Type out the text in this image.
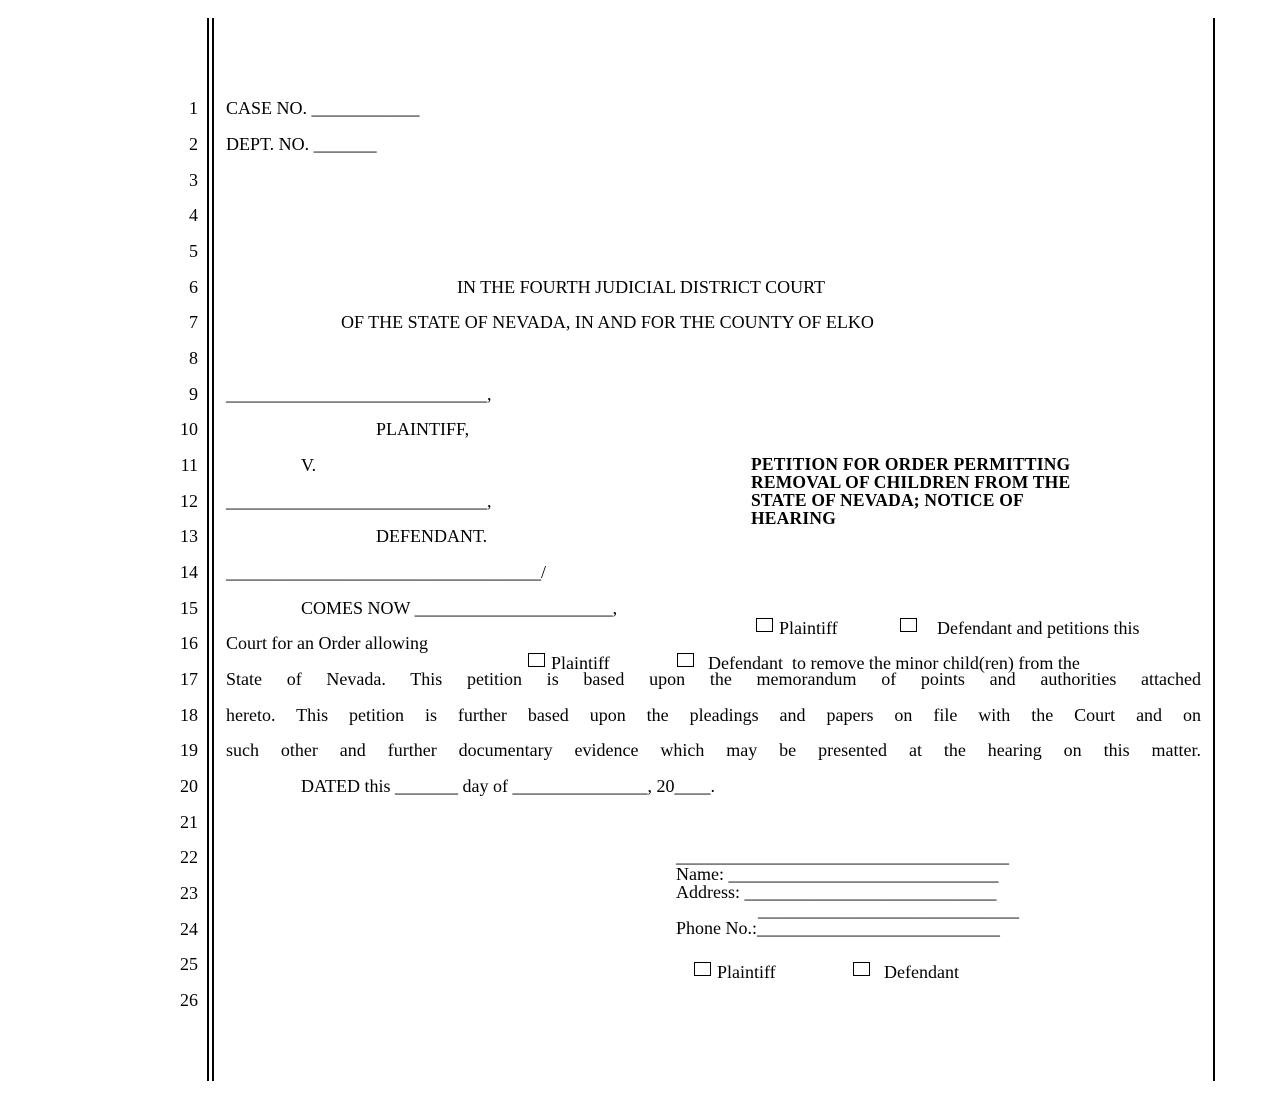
1
2
3
4
5
6
7
8
9
10
11
12
13
14
15
16
17
18
19
20
21
22
23
24
25
26
CASE NO. ____________
DEPT. NO. _______
IN THE FOURTH JUDICIAL DISTRICT COURT
OF THE STATE OF NEVADA, IN AND FOR THE COUNTY OF ELKO
_____________________________,
PLAINTIFF,
V.
_____________________________,
DEFENDANT.
___________________________________/
PETITION FOR ORDER PERMITTING
REMOVAL OF CHILDREN FROM THE
STATE OF NEVADA; NOTICE OF
HEARING
COMES NOW ______________________,

Plaintiff
	Defendant and petitions this

Court for an Order allowing

Plaintiff
	Defendant  to remove the minor child(ren) from the

State of Nevada. This petition is based upon the memorandum of points and authorities attached
hereto. This petition is further based upon the pleadings and papers on file with the Court and on
such other and further documentary evidence which may be presented at the hearing on this matter.
DATED this _______ day of _______________, 20____.
_____________________________________
Name: ______________________________
Address: ____________________________
_____________________________
Phone No.:___________________________

Plaintiff
	Defendant
